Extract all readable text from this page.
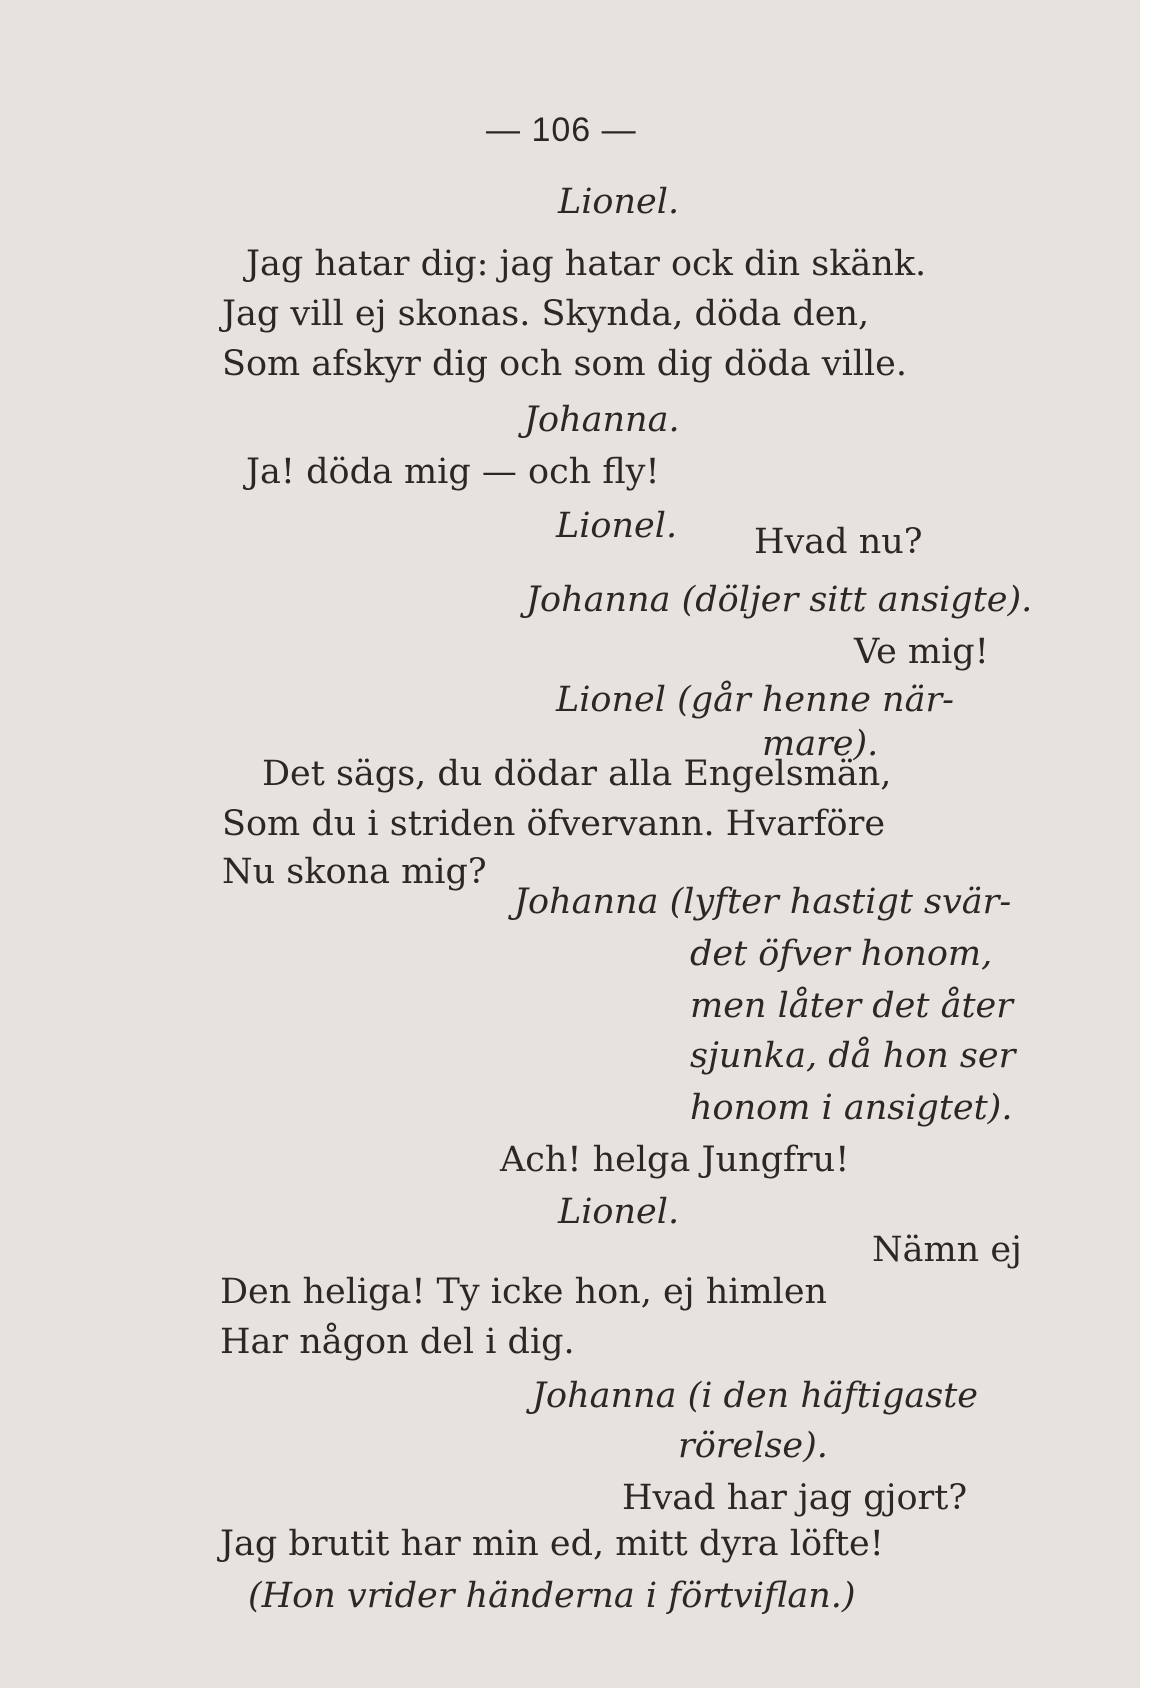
— 106 —
Lionel.
Jag hatar dig: jag hatar ock din skänk.
Jag vill ej skonas. Skynda, döda den,
Som afskyr dig och som dig döda ville.
Johanna.
Ja! döda mig — och fly!
Lionel. Hvad nu?
Johanna (döljer sitt ansigte).
Ve mig!
Lionel (går henne när-
mare).
Det sägs, du dödar alla Engelsmän,
Som du i striden öfvervann. Hvarföre
Nu skona mig?
Johanna (lyfter hastigt svär-
det öfver honom,
men låter det åter
sjunka, då hon ser
honom i ansigtet).
Ach! helga Jungfru!
Lionel.
Nämn ej
Den heliga! Ty icke hon, ej himlen
Har någon del i dig.
Johanna (i den häftigaste
rörelse).
Hvad har jag gjort?
Jag brutit har min ed, mitt dyra löfte!
(Hon vrider händerna i förtviflan.)
